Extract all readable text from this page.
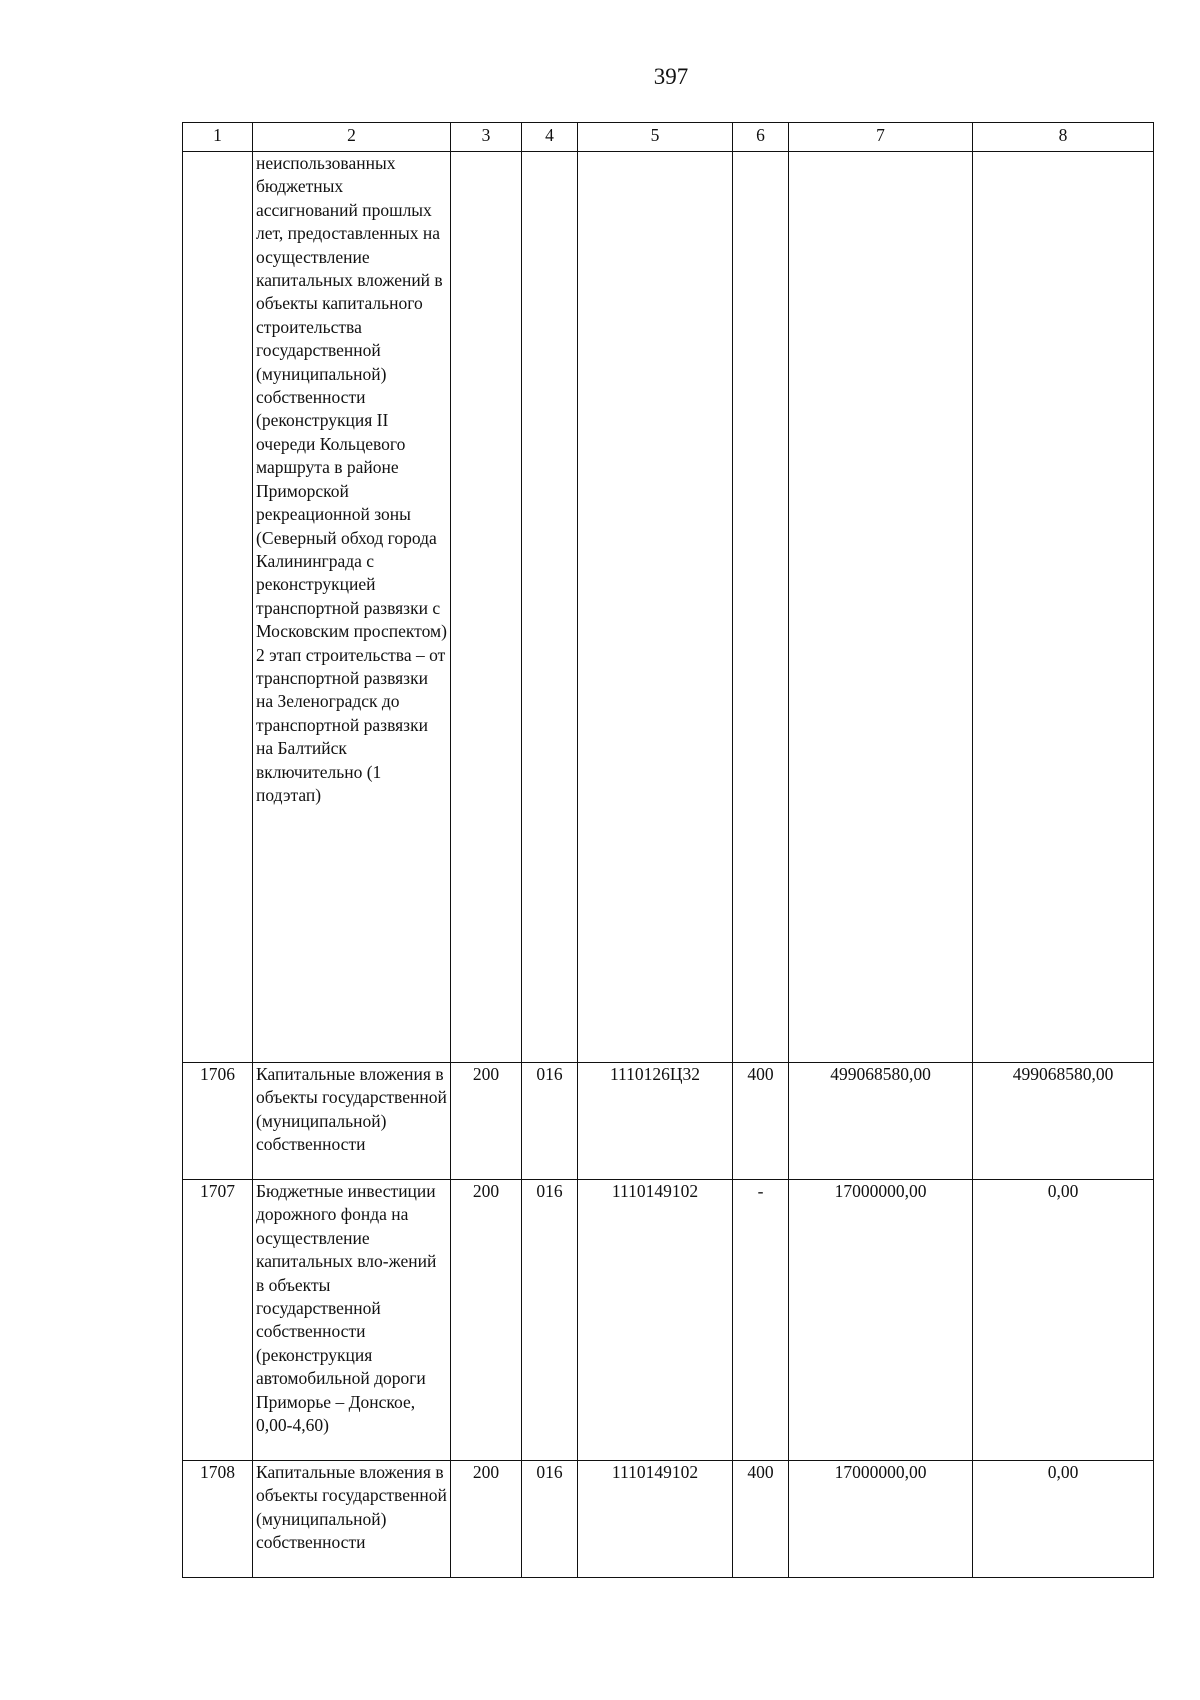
397
1	2	3	4	5	6	7	8
	неиспользованных бюджетных ассигнований прошлых лет, предоставленных на осуществление капитальных вложений в объекты капитального строительства государственной (муниципальной) собственности (реконструкция II очереди Кольцевого маршрута в районе Приморской рекреационной зоны (Северный обход города Калининграда с реконструкцией транспортной развязки с Московским проспектом) 2 этап строительства – от транспортной развязки на Зеленоградск до транспортной развязки на Балтийск включительно (1 подэтап)						
1706	Капитальные вложения в объекты государственной (муниципальной) собственности	200	016	1110126Ц32	400	499068580,00	499068580,00
1707	Бюджетные инвестиции дорожного фонда на осуществление капитальных вло-жений в объекты государственной собственности (реконструкция автомобильной дороги Приморье – Донское, 0,00-4,60)	200	016	1110149102	-	17000000,00	0,00
1708	Капитальные вложения в объекты государственной (муниципальной) собственности	200	016	1110149102	400	17000000,00	0,00
